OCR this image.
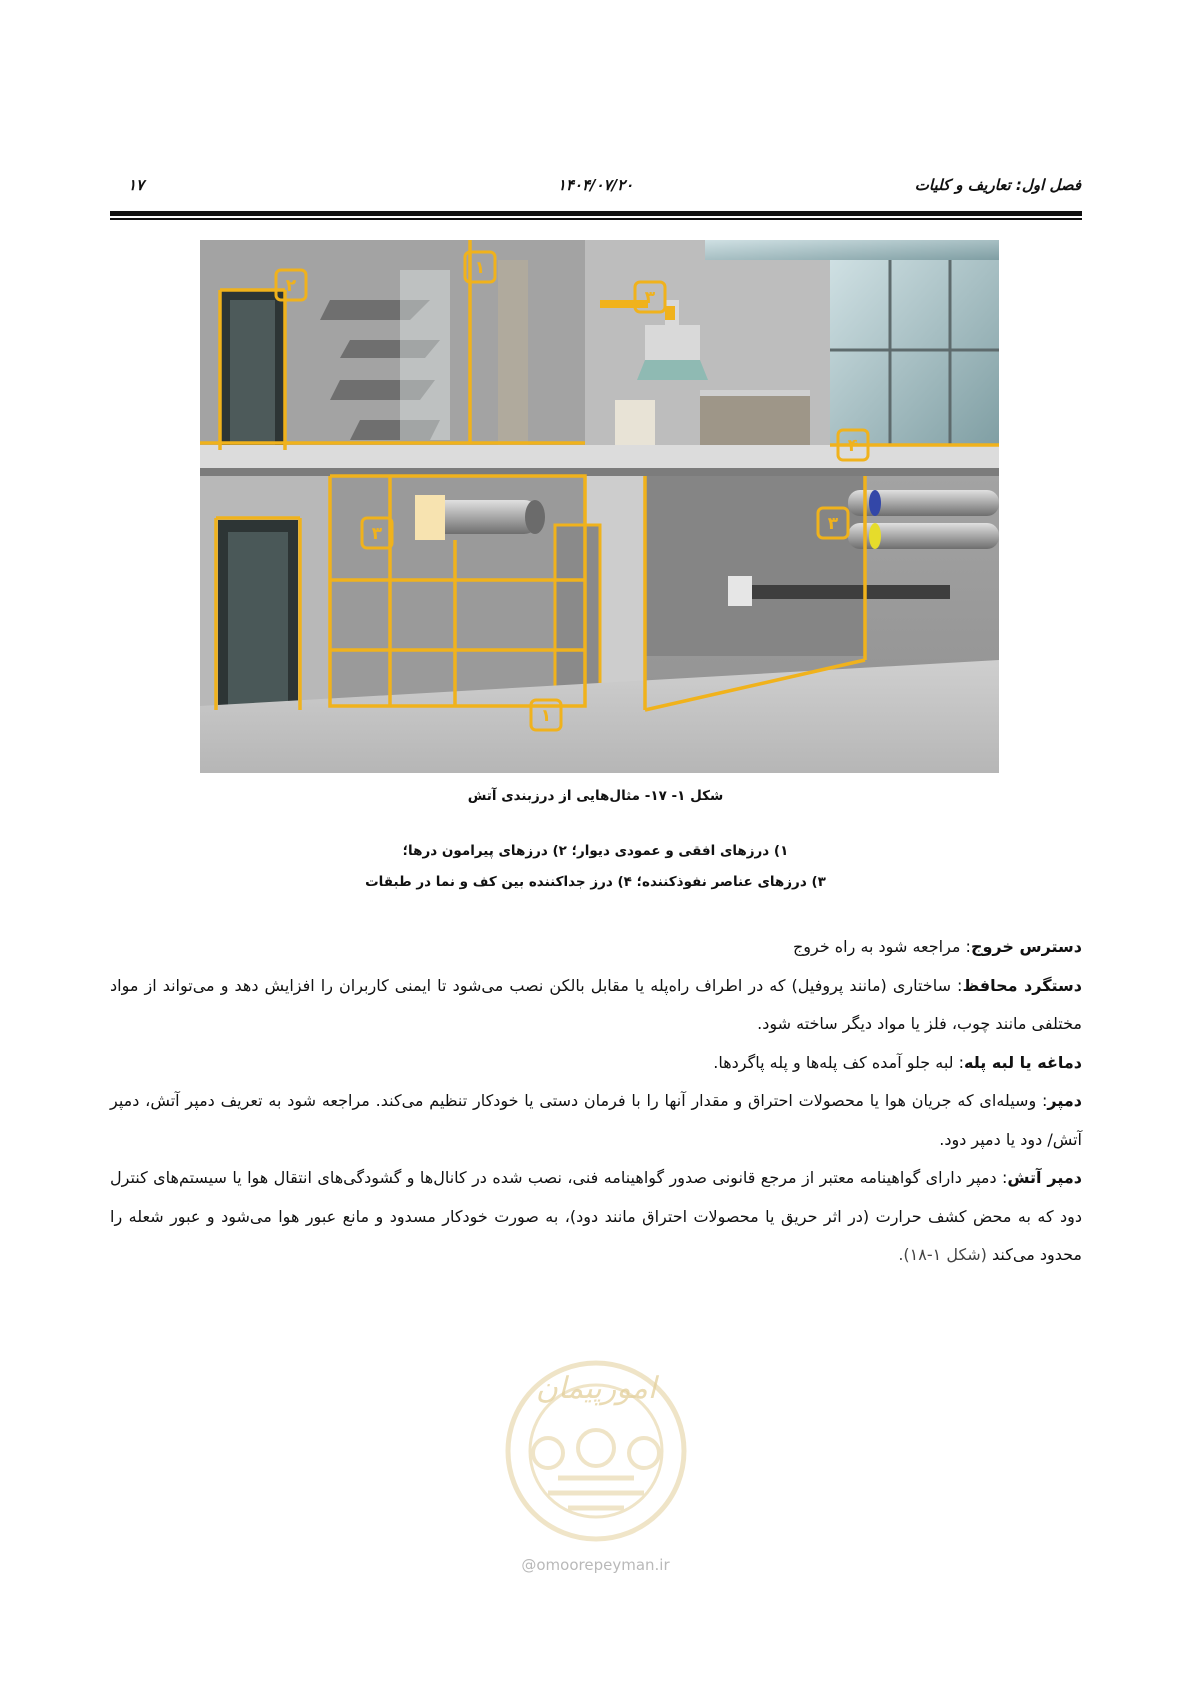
فصل اول: تعاریف و کلیات
۱۴۰۴/۰۷/۲۰
۱۷
۱
۲
۳
۳
۴
۳
۱
شکل ۱- ۱۷- مثال‌هایی از درزبندی آتش
۱) درزهای افقی و عمودی دیوار؛ ۲) درزهای پیرامون درها؛
۳) درزهای عناصر نفوذکننده؛ ۴) درز جداکننده بین کف و نما در طبقات

دسترس خروج: مراجعه شود به راه خروج

دستگرد محافظ: ساختاری (مانند پروفیل) که در اطراف راه‌پله یا مقابل بالکن نصب می‌شود تا ایمنی کاربران را افزایش دهد و می‌تواند از مواد مختلفی مانند چوب، فلز یا مواد دیگر ساخته شود.

دماغه یا لبه پله: لبه جلو آمده کف پله‌ها و پله پاگردها.

دمپر: وسیله‌ای که جریان هوا یا محصولات احتراق و مقدار آنها را با فرمان دستی یا خودکار تنظیم می‌کند. مراجعه شود به تعریف دمپر آتش، دمپر آتش/ دود یا دمپر دود.

دمپر آتش: دمپر دارای گواهینامه معتبر از مرجع قانونی صدور گواهینامه فنی، نصب شده در کانال‌ها و گشودگی‌های انتقال هوا یا سیستم‌های کنترل دود که به محض کشف حرارت (در اثر حریق یا محصولات احتراق مانند دود)، به صورت خودکار مسدود و مانع عبور هوا می‌شود و عبور شعله را محدود می‌کند (شکل ۱-۱۸).

امورپیمان
@omoorepeyman.ir
